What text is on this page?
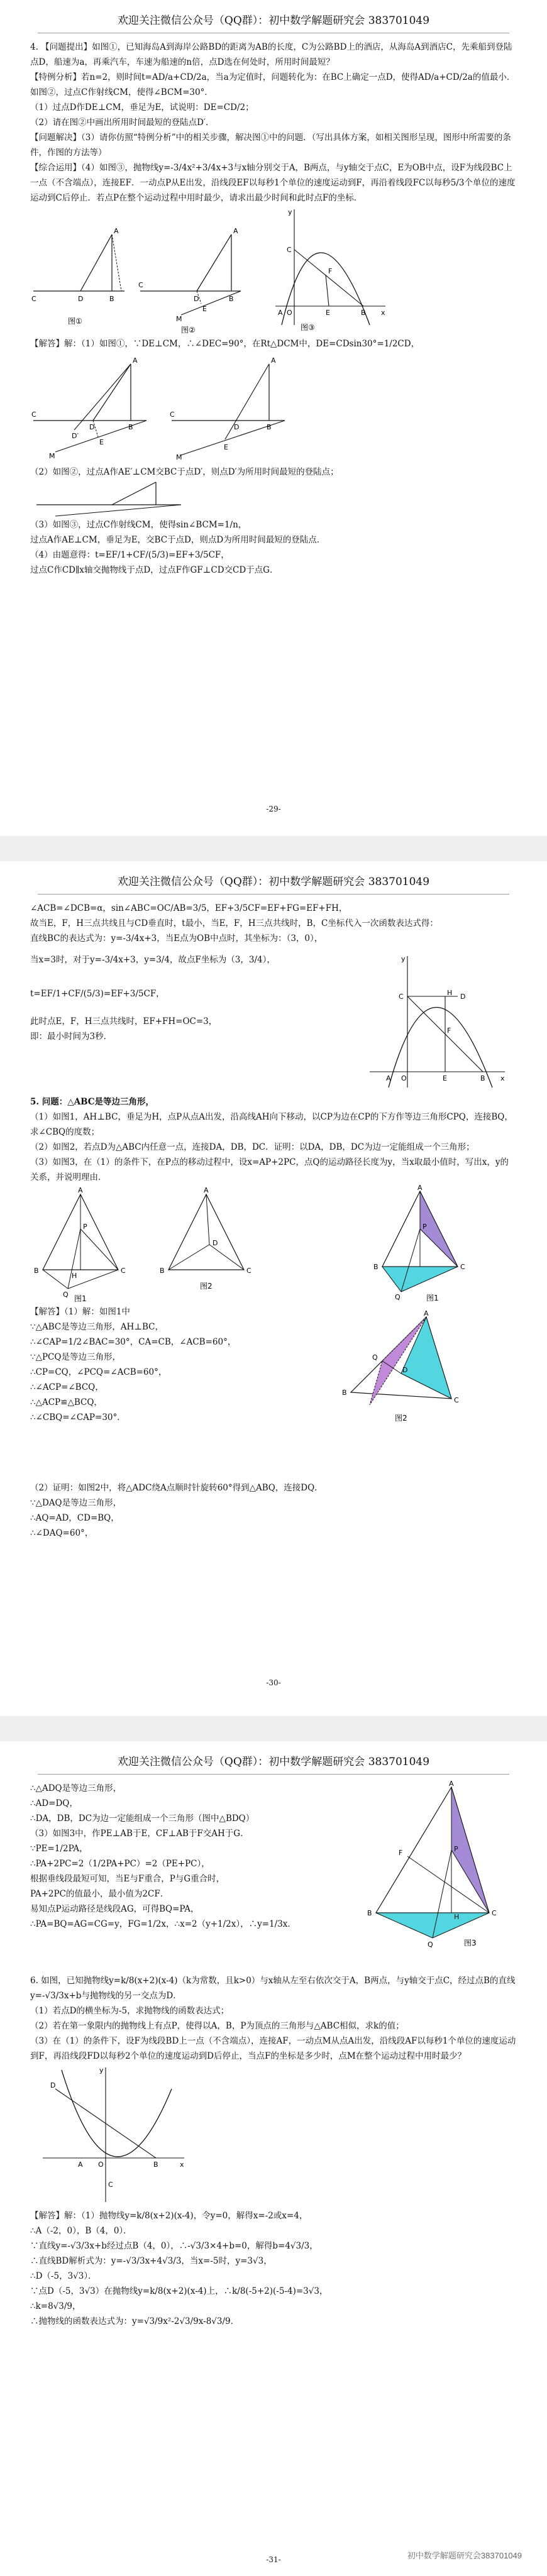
欢迎关注微信公众号（QQ群）：初中数学解题研究会 383701049

4. 【问题提出】如图①，已知海岛A到海岸公路BD的距离为AB的长度，C为公路BD上的酒店，从海岛A到酒店C，先乘船到登陆点D，船速为a，再乘汽车，车速为船速的n倍，点D选在何处时，所用时间最短？

【特例分析】若n=2，则时间t=AD/a+CD/2a，当a为定值时，问题转化为：在BC上确定一点D，使得AD/a+CD/2a的值最小．如图②，过点C作射线CM，使得∠BCM=30°．

（1）过点D作DE⊥CM，垂足为E，试说明：DE=CD/2；

（2）请在图②中画出所用时间最短的登陆点D′．

【问题解决】（3）请你仿照“特例分析”中的相关步骤，解决图①中的问题．（写出具体方案，如相关图形呈现，图形中所需要的条件，作图的方法等）

【综合运用】（4）如图③，抛物线y=-3/4x²+3/4x+3与x轴分别交于A，B两点，与y轴交于点C，E为OB中点，设F为线段BC上一点（不含端点），连接EF．一动点P从E出发，沿线段EF以每秒1个单位的速度运动到F，再沿着线段FC以每秒5/3个单位的速度运动到C后停止．若点P在整个运动过程中用时最少，请求出最少时间和此时点F的坐标．

C	D	B
A
图①
C
D	B
A
E
M
图②
y
x
C
O
A	E	B
F
图③

【解答】解：（1）如图①，∵DE⊥CM，∴∠DEC=90°，在Rt△DCM中，DE=CDsin30°=1/2CD，

C
D	B
A
D′
M
E
C
D	B
A
E
M

（2）如图②，过点A作AE′⊥CM交BC于点D′，则点D′为所用时间最短的登陆点；

（3）如图③，过点C作射线CM，使得sin∠BCM=1/n，

过点A作AE⊥CM，垂足为E，交BC于点D，则点D为所用时间最短的登陆点．

（4）由题意得：t=EF/1+CF/(5/3)=EF+3/5CF，

过点C作CD∥x轴交抛物线于点D，过点F作GF⊥CD交CD于点G．

-29-
欢迎关注微信公众号（QQ群）：初中数学解题研究会 383701049

∠ACB=∠DCB=α，sin∠ABC=OC/AB=3/5，EF+3/5CF=EF+FG=EF+FH，

故当E，F，H三点共线且与CD垂直时，t最小，当E，F，H三点共线时，B，C坐标代入一次函数表达式得：

直线BC的表达式为：y=-3/4x+3，当E点为OB中点时，其坐标为：（3，0），

当x=3时，对于y=-3/4x+3，y=3/4，故点F坐标为（3，3/4），

t=EF/1+CF/(5/3)=EF+3/5CF，

此时点E，F，H三点共线时，EF+FH=OC=3，

即：最小时间为3秒．

y
x
C	D
H
F
O	E	B
A

5. 问题：△ABC是等边三角形，

（1）如图1，AH⊥BC，垂足为H，点P从点A出发，沿高线AH向下移动，以CP为边在CP的下方作等边三角形CPQ，连接BQ，求∠CBQ的度数；

（2）如图2，若点D为△ABC内任意一点，连接DA，DB，DC．证明：以DA，DB，DC为边一定能组成一个三角形；

（3）如图3，在（1）的条件下，在P点的移动过程中，设x=AP+2PC，点Q的运动路径长度为y，当x取最小值时，写出x，y的关系，并说明理由．

A
B	C
H
P
Q 图1
A
B	C
D
图2
A
B	C
P
Q	图1

【解答】（1）解：如图1中

∵△ABC是等边三角形，AH⊥BC，

∴∠CAP=1/2∠BAC=30°，CA=CB，∠ACB=60°，

∵△PCQ是等边三角形，

∴CP=CQ，∠PCQ=∠ACB=60°，

∴∠ACP=∠BCQ，

∴△ACP≌△BCQ，

∴∠CBQ=∠CAP=30°．

A
B
C
D
Q
图2

（2）证明：如图2中，将△ADC绕A点顺时针旋转60°得到△ABQ，连接DQ．

∵△DAQ是等边三角形，

∴AQ=AD，CD=BQ，

∴∠DAQ=60°，

-30-
欢迎关注微信公众号（QQ群）：初中数学解题研究会 383701049

∴△ADQ是等边三角形，

∴AD=DQ，

∴DA，DB，DC为边一定能组成一个三角形（图中△BDQ）

（3）如图3中，作PE⊥AB于E，CF⊥AB于F交AH于G．

∵PE=1/2PA，

∴PA+2PC=2（1/2PA+PC）=2（PE+PC），

根据垂线段最短可知，当E与F重合，P与G重合时，

PA+2PC的值最小，最小值为2CF．

易知点P运动路径是线段AG，可得BQ=PA，

∴PA=BQ=AG=CG=y，FG=1/2x，∴x=2（y+1/2x），∴y=1/3x．

A
B	C
H
F	P
Q	图3

6. 如图，已知抛物线y=k/8(x+2)(x-4)（k为常数，且k>0）与x轴从左至右依次交于A，B两点，与y轴交于点C，经过点B的直线y=-√3/3x+b与抛物线的另一交点为D．

（1）若点D的横坐标为-5，求抛物线的函数表达式；

（2）若在第一象限内的抛物线上有点P，使得以A，B，P为顶点的三角形与△ABC相似，求k的值；

（3）在（1）的条件下，设F为线段BD上一点（不含端点），连接AF，一动点M从点A出发，沿线段AF以每秒1个单位的速度运动到F，再沿线段FD以每秒2个单位的速度运动到D后停止，当点F的坐标是多少时，点M在整个运动过程中用时最少？

y
x
D
A O	B
C

【解答】解：（1）抛物线y=k/8(x+2)(x-4)，令y=0，解得x=-2或x=4，

∴A（-2，0），B（4，0）．

∵直线y=-√3/3x+b经过点B（4，0），∴-√3/3×4+b=0，解得b=4√3/3，

∴直线BD解析式为：y=-√3/3x+4√3/3，当x=-5时，y=3√3，

∴D（-5，3√3）．

∵点D（-5，3√3）在抛物线y=k/8(x+2)(x-4)上，∴k/8(-5+2)(-5-4)=3√3，

∴k=8√3/9，

∴抛物线的函数表达式为：y=√3/9x²-2√3/9x-8√3/9．

初中数学解题研究会383701049
-31-
